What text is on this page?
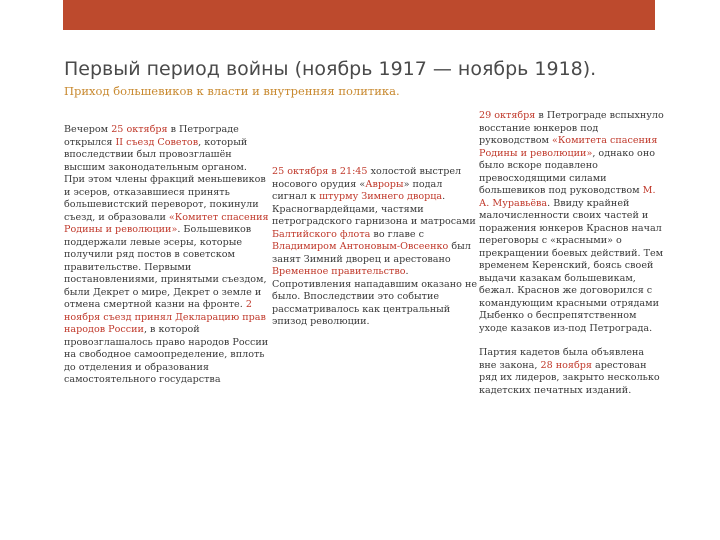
Первый период войны (ноябрь 1917 — ноябрь 1918).
Приход большевиков к власти и внутренняя политика.

Вечером 25 октября в Петрограде открылся II съезд Советов, который впоследствии был провозглашён высшим законодательным органом. При этом члены фракций меньшевиков и эсеров, отказавшиеся принять большевистский переворот, покинули съезд, и образовали «Комитет спасения Родины и революции». Большевиков поддержали левые эсеры, которые получили ряд постов в советском правительстве. Первыми постановлениями, принятыми съездом, были Декрет о мире, Декрет о земле и отмена смертной казни на фронте. 2 ноября съезд принял Декларацию прав народов России, в которой провозглашалось право народов России на свободное самоопределение, вплоть до отделения и образования самостоятельного государства

25 октября в 21:45 холостой выстрел носового орудия «Авроры» подал сигнал к штурму Зимнего дворца. Красногвардейцами, частями петроградского гарнизона и матросами Балтийского флота во главе с Владимиром Антоновым-Овсеенко был занят Зимний дворец и арестовано Временное правительство. Сопротивления нападавшим оказано не было. Впоследствии это событие рассматривалось как центральный эпизод революции.

29 октября в Петрограде вспыхнуло восстание юнкеров под руководством «Комитета спасения Родины и революции», однако оно было вскоре подавлено превосходящими силами большевиков под руководством М. А. Муравьёва. Ввиду крайней малочисленности своих частей и поражения юнкеров Краснов начал переговоры с «красными» о прекращении боевых действий. Тем временем Керенский, боясь своей выдачи казакам большевикам, бежал. Краснов же договорился с командующим красными отрядами Дыбенко о беспрепятственном уходе казаков из-под Петрограда.

Партия кадетов была объявлена вне закона, 28 ноября арестован ряд их лидеров, закрыто несколько кадетских печатных изданий.
